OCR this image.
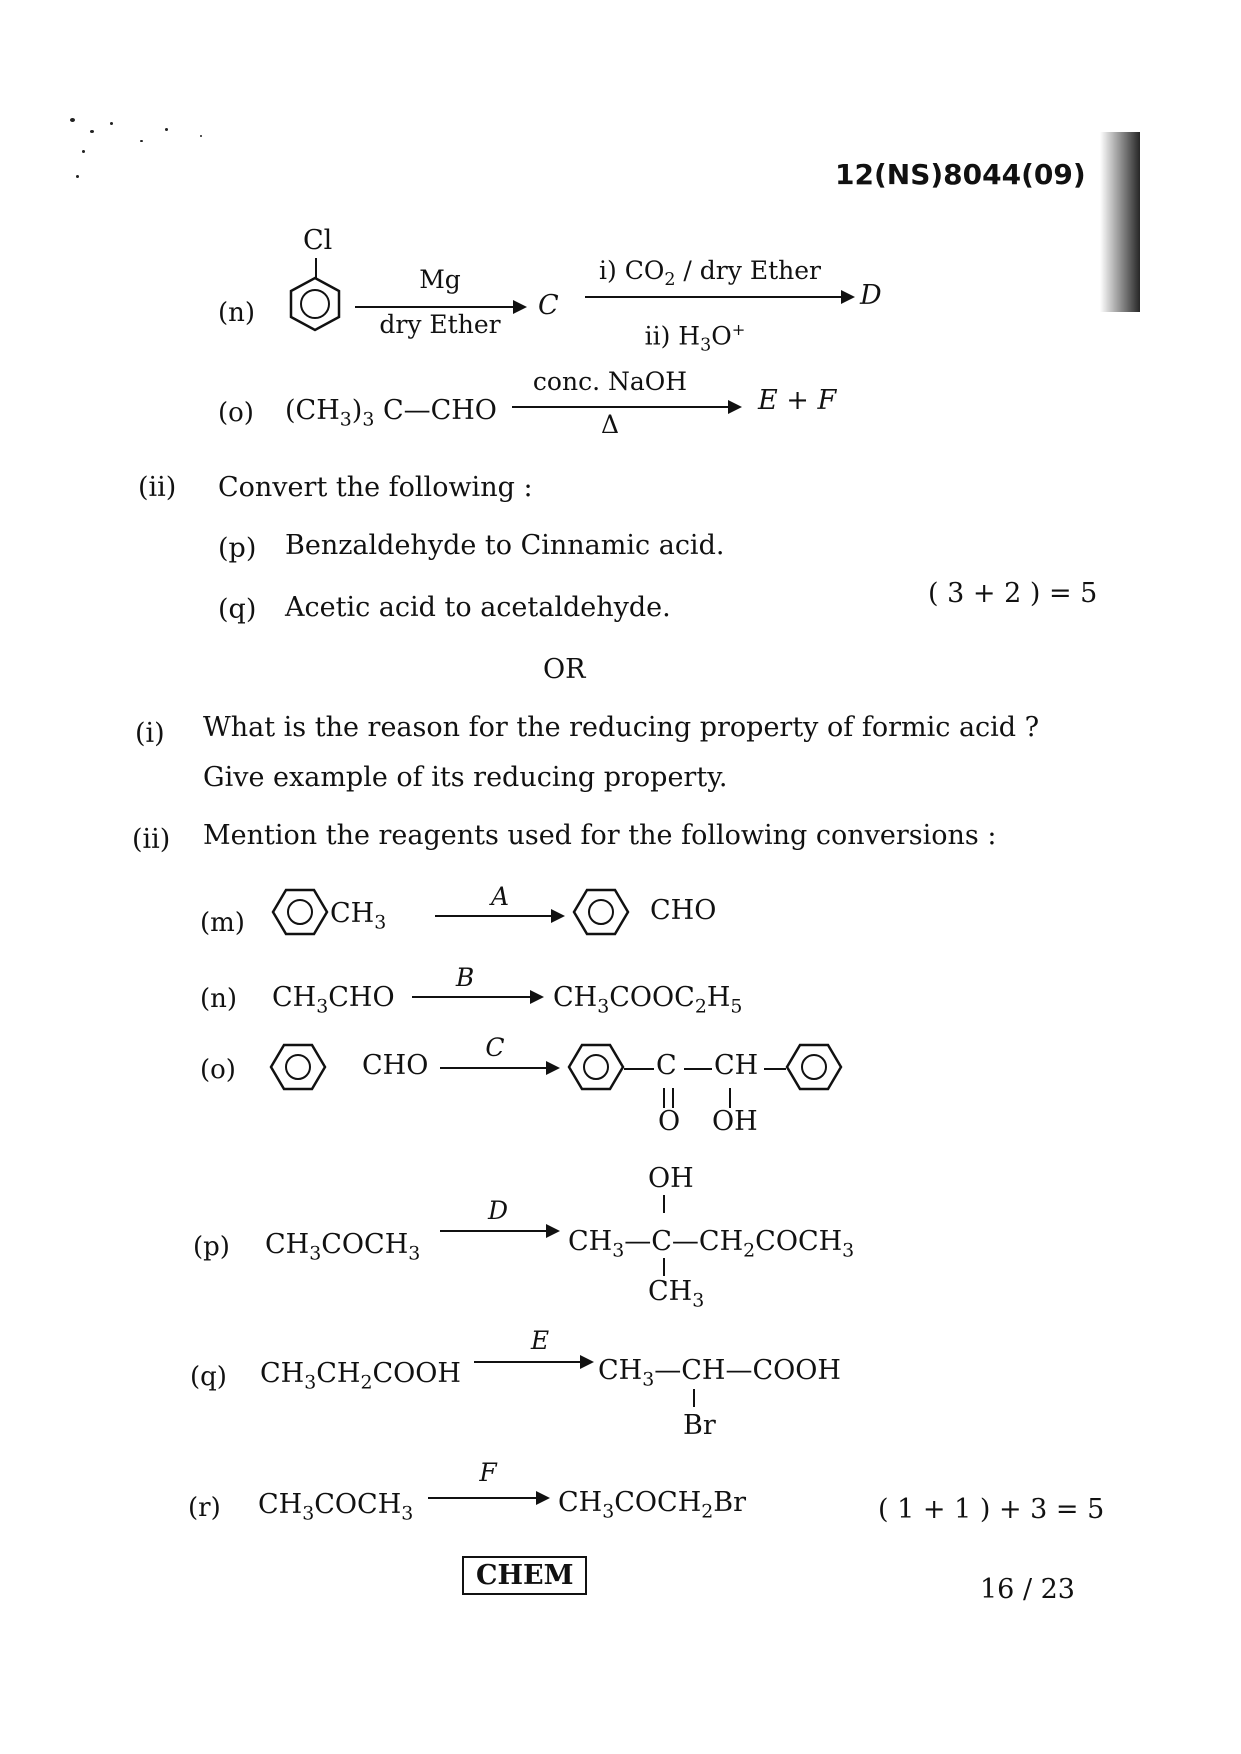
12(NS)8044(09)
(n)
Cl
Mg
dry Ether
C
i) $CO_2$ / dry Ether
ii) $H_3O^+$
D
(o) $(CH_3)_3$ C—CHO
conc. NaOH
Δ
E + F
(ii) Convert the following :
(p) Benzaldehyde to Cinnamic acid.
(q) Acetic acid to acetaldehyde.	( 3 + 2 ) = 5
OR
(i) What is the reason for the reducing property of formic acid ?
Give example of its reducing property.
(ii) Mention the reagents used for the following conversions :
(m)	$CH_3$
A	CHO
(n) $CH_3CHO$
B
$CH_3COOC_2H_5$
(o)	CHO
C
C CH
O OH
OH
(p) $CH_3COCH_3$
D
$CH_3—C—CH_2COCH_3$
$CH_3$
(q) $CH_3CH_2COOH$
E
$CH_3—CH—COOH$
Br
(r) $CH_3COCH_3$
F
$CH_3COCH_2Br$	( 1 + 1 ) + 3 = 5
CHEM	16 / 23
